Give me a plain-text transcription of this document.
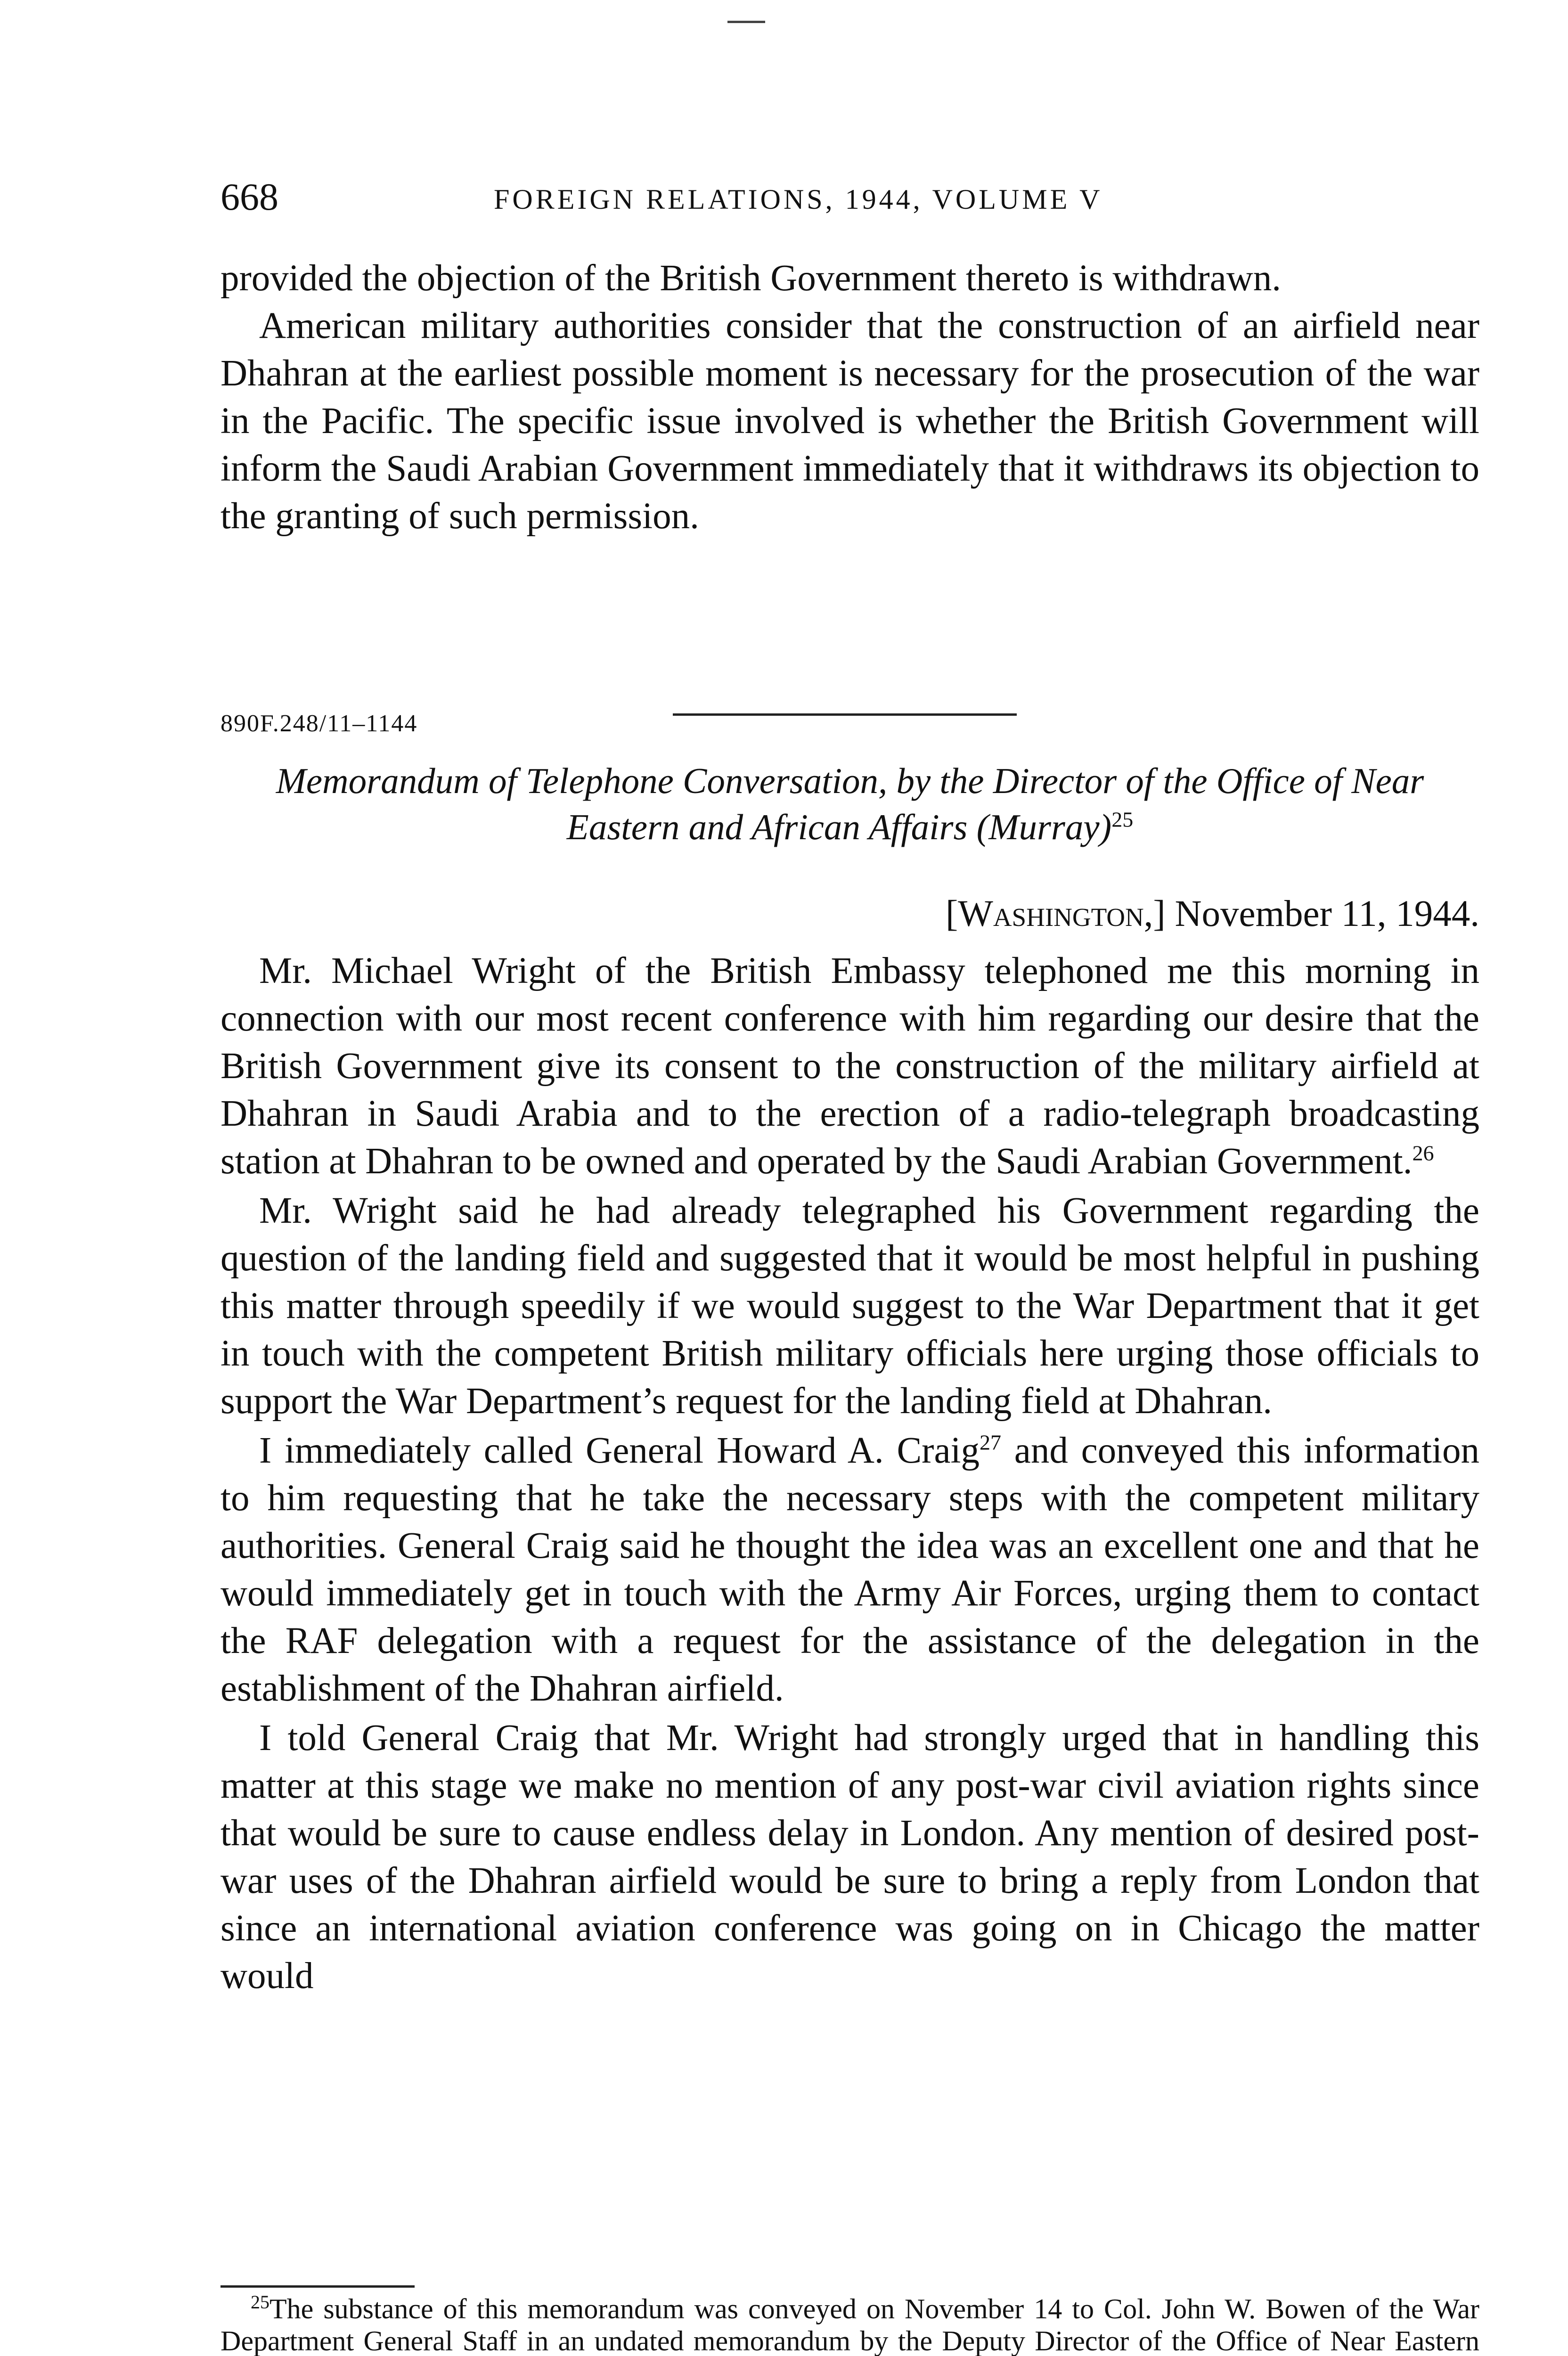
668	FOREIGN RELATIONS, 1944, VOLUME V

provided the objection of the British Government thereto is withdrawn.

American military authorities consider that the construction of an airfield near Dhahran at the earliest possible moment is necessary for the prosecution of the war in the Pacific. The specific issue involved is whether the British Government will inform the Saudi Arabian Government immediately that it withdraws its objection to the granting of such permission.

890F.248/11–1144
Memorandum of Telephone Conversation, by the Director of the Office of Near Eastern and African Affairs (Murray)$^{25}$
[Washington,] November 11, 1944.

Mr. Michael Wright of the British Embassy telephoned me this morning in connection with our most recent conference with him regarding our desire that the British Government give its consent to the construction of the military airfield at Dhahran in Saudi Arabia and to the erection of a radio-telegraph broadcasting station at Dhahran to be owned and operated by the Saudi Arabian Government.$^{26}$

Mr. Wright said he had already telegraphed his Government regarding the question of the landing field and suggested that it would be most helpful in pushing this matter through speedily if we would suggest to the War Department that it get in touch with the competent British military officials here urging those officials to support the War Department’s request for the landing field at Dhahran.

I immediately called General Howard A. Craig$^{27}$ and conveyed this information to him requesting that he take the necessary steps with the competent military authorities. General Craig said he thought the idea was an excellent one and that he would immediately get in touch with the Army Air Forces, urging them to contact the RAF delegation with a request for the assistance of the delegation in the establishment of the Dhahran airfield.

I told General Craig that Mr. Wright had strongly urged that in handling this matter at this stage we make no mention of any post-war civil aviation rights since that would be sure to cause endless delay in London. Any mention of desired post-war uses of the Dhahran airfield would be sure to bring a reply from London that since an international aviation conference was going on in Chicago the matter would

$^{25}$The substance of this memorandum was conveyed on November 14 to Col. John W. Bowen of the War Department General Staff in an undated memorandum by the Deputy Director of the Office of Near Eastern
